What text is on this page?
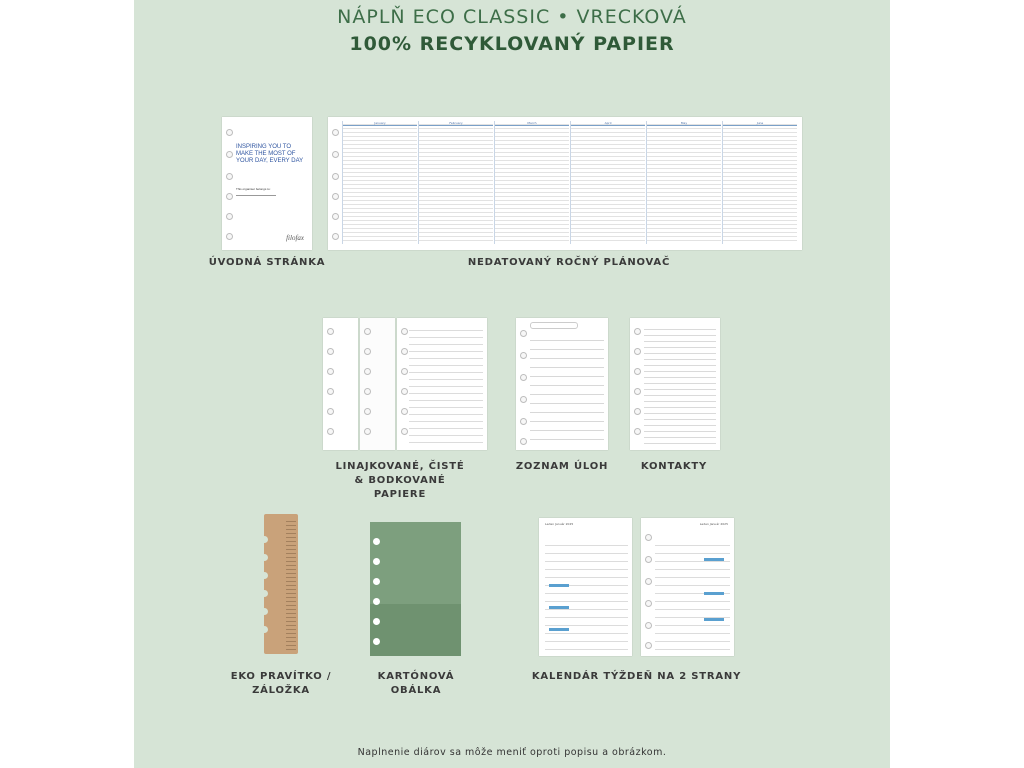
NÁPLŇ ECO CLASSIC • VRECKOVÁ
100% RECYKLOVANÝ PAPIER
INSPIRING YOU TO MAKE THE MOST OF YOUR DAY, EVERY DAY
This organiser belongs to:
filofax
ÚVODNÁ STRÁNKA
January	February	March	April	May	June
NEDATOVANÝ ROČNÝ PLÁNOVAČ
LINAJKOVANÉ, ČISTÉ & BODKOVANÉ PAPIERE
ZOZNAM ÚLOH	KONTAKTY
EKO PRAVÍTKO / ZÁLOŽKA
KARTÓNOVÁ OBÁLKA
Leden Január 2025	Leden Január 2025
KALENDÁR TÝŽDEŇ NA 2 STRANY
Naplnenie diárov sa môže meniť oproti popisu a obrázkom.
